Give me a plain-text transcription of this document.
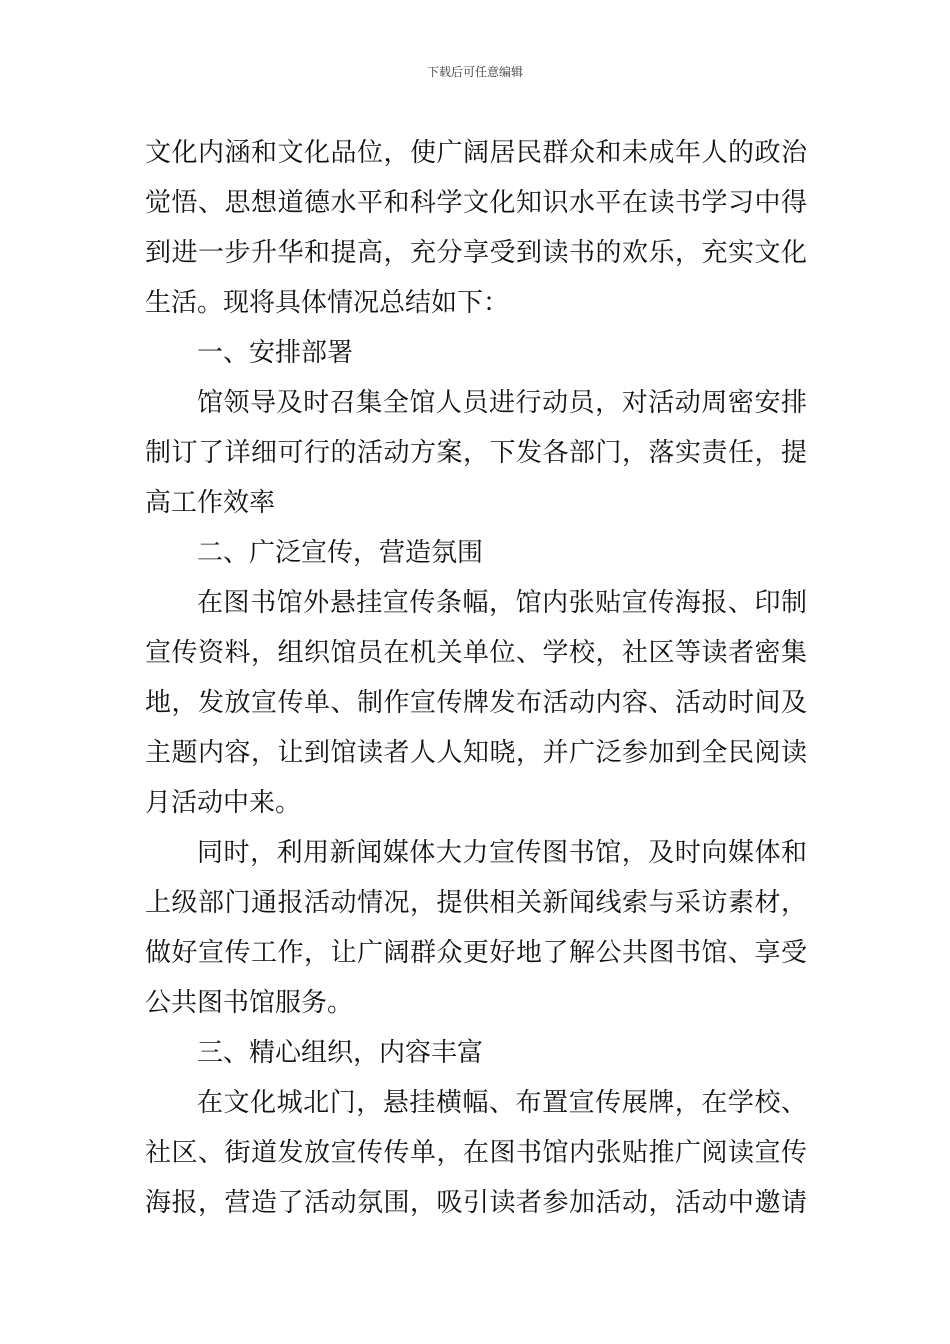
下载后可任意编辑
文化内涵和文化品位，使广阔居民群众和未成年人的政治
觉悟、思想道德水平和科学文化知识水平在读书学习中得
到进一步升华和提高，充分享受到读书的欢乐，充实文化
生活。现将具体情况总结如下：
一、安排部署
馆领导及时召集全馆人员进行动员，对活动周密安排
制订了详细可行的活动方案，下发各部门，落实责任，提
高工作效率
二、广泛宣传，营造氛围
在图书馆外悬挂宣传条幅，馆内张贴宣传海报、印制
宣传资料，组织馆员在机关单位、学校，社区等读者密集
地，发放宣传单、制作宣传牌发布活动内容、活动时间及
主题内容，让到馆读者人人知晓，并广泛参加到全民阅读
月活动中来。
同时，利用新闻媒体大力宣传图书馆，及时向媒体和
上级部门通报活动情况，提供相关新闻线索与采访素材，
做好宣传工作，让广阔群众更好地了解公共图书馆、享受
公共图书馆服务。
三、精心组织，内容丰富
在文化城北门，悬挂横幅、布置宣传展牌，在学校、
社区、街道发放宣传传单，在图书馆内张贴推广阅读宣传
海报，营造了活动氛围，吸引读者参加活动，活动中邀请
